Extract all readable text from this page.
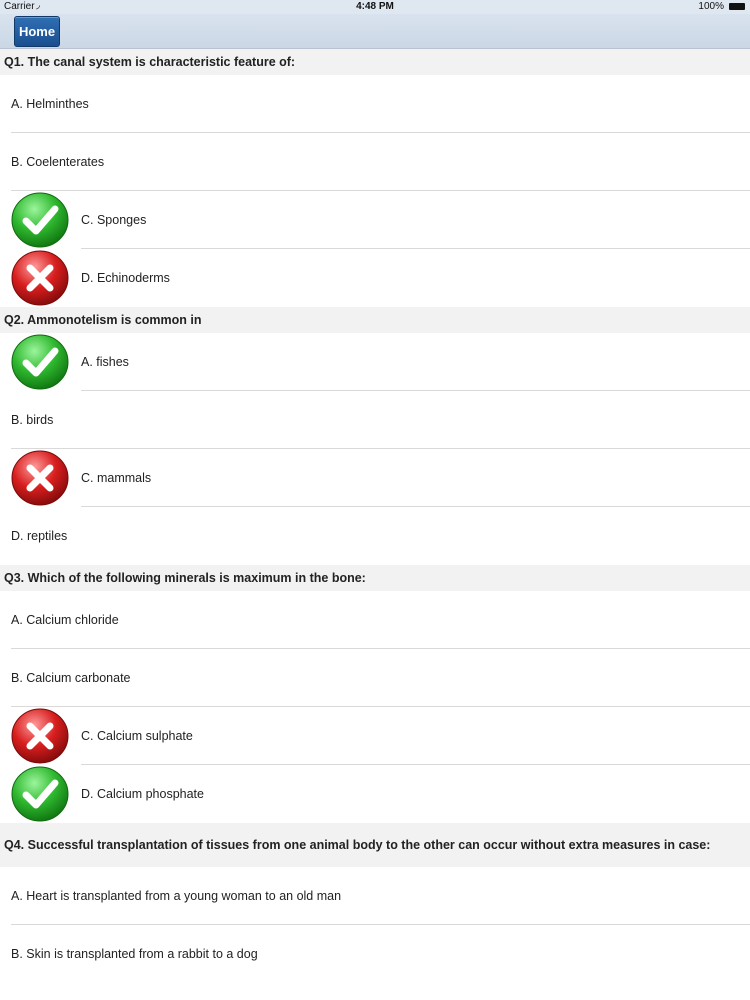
Carrier ◞	4:48 PM	100%
Home
Q1. The canal system is characteristic feature of:
A. Helminthes
B. Coelenterates
C. Sponges
D. Echinoderms
Q2. Ammonotelism is common in
A. fishes
B. birds
C. mammals
D. reptiles
Q3. Which of the following minerals is maximum in the bone:
A. Calcium chloride
B. Calcium carbonate
C. Calcium sulphate
D. Calcium phosphate
Q4. Successful transplantation of tissues from one animal body to the other can occur without extra measures in case:
A. Heart is transplanted from a young woman to an old man
B. Skin is transplanted from a rabbit to a dog
